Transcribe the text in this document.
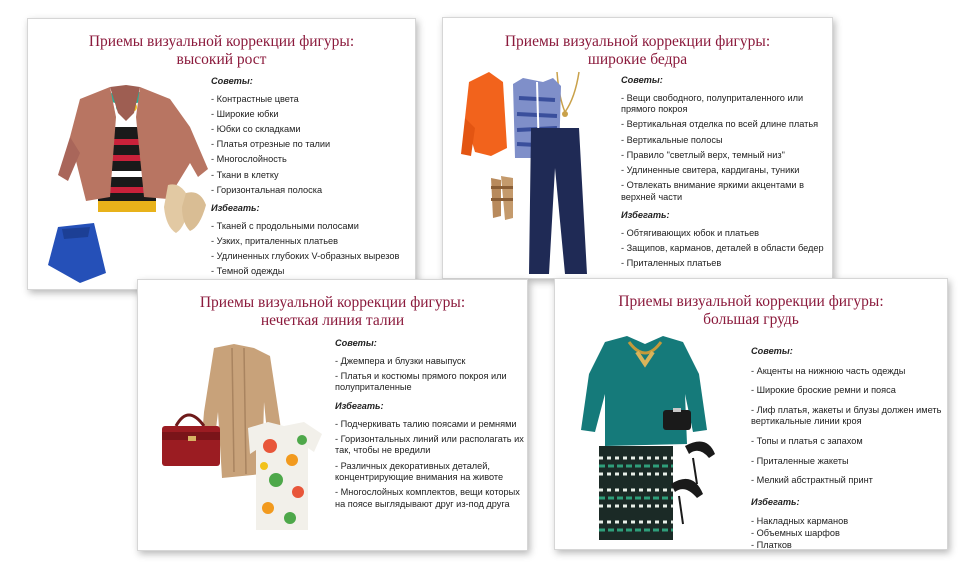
Приемы визуальной коррекции фигуры:
высокий рост
Советы:
- Контрастные цвета
- Широкие юбки
- Юбки со складками
- Платья отрезные по талии
- Многослойность
- Ткани в клетку
- Горизонтальная полоска
Избегать:
- Тканей с продольными полосами
- Узких, приталенных платьев
- Удлиненных глубоких V-образных вырезов
- Темной одежды
Приемы визуальной коррекции фигуры:
широкие бедра
Советы:
- Вещи свободного, полуприталенного или прямого покроя
- Вертикальная отделка по всей длине платья
- Вертикальные полосы
- Правило "светлый верх, темный низ"
- Удлиненные свитера, кардиганы, туники
- Отвлекать внимание яркими акцентами в верхней части
Избегать:
- Обтягивающих юбок и платьев
- Защипов, карманов, деталей в области бедер
- Приталенных платьев
Приемы визуальной коррекции фигуры:
нечеткая линия талии
Советы:
- Джемпера и блузки навыпуск
- Платья и костюмы прямого покроя или полуприталенные
Избегать:
- Подчеркивать талию поясами и ремнями
- Горизонтальных линий или располагать их так, чтобы не вредили
- Различных декоративных деталей, концентрирующие внимания на животе
- Многослойных комплектов, вещи которых на поясе выглядывают друг из-под друга
Приемы визуальной коррекции фигуры:
большая грудь
Советы:
- Акценты на нижнюю часть одежды
- Широкие броские ремни и пояса
- Лиф платья, жакеты и блузы должен иметь вертикальные линии кроя
- Топы и платья с запахом
- Приталенные жакеты
- Мелкий абстрактный принт
Избегать:
- Накладных карманов
- Объемных шарфов
- Платков
